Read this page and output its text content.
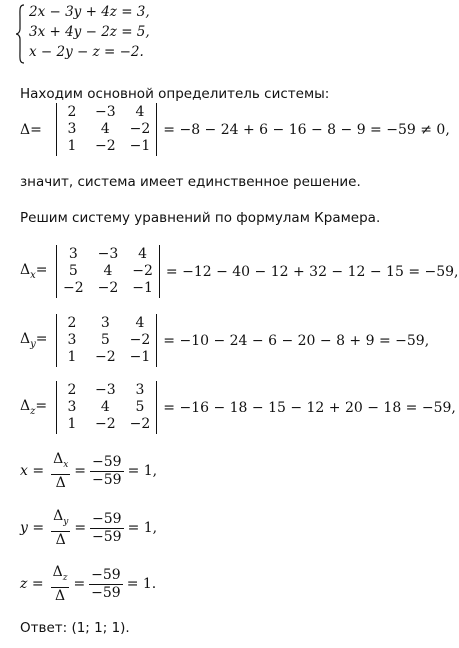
2x − 3y + 4z = 3,
3x + 4y − 2z = 5,
x − 2y − z = −2.
Находим основной определитель системы:
Δ=
2	−3	4
3	4	−2
1	−2 −1
= −8 − 24 + 6 − 16 − 8 − 9 = −59 ≠ 0,
значит, система имеет единственное решение.
Решим систему уравнений по формулам Крамера.
$\Delta_x=$
3	−3	4
5	4	−2
−2 −2 −1
= −12 − 40 − 12 + 32 − 12 − 15 = −59,
$\Delta_y=$
2	3	4
3	5	−2
1	−2 −1
= −10 − 24 − 6 − 20 − 8 + 9 = −59,
$\Delta_z=$
2	−3	3
3	4	5
1	−2 −2
= −16 − 18 − 15 − 12 + 20 − 18 = −59,
$x = \frac{\Delta_x}{\Delta} = \frac{-59}{-59} = 1$,
$y = \frac{\Delta_y}{\Delta} = \frac{-59}{-59} = 1$,
$z = \frac{\Delta_z}{\Delta} = \frac{-59}{-59} = 1$.
Ответ: (1; 1; 1).
